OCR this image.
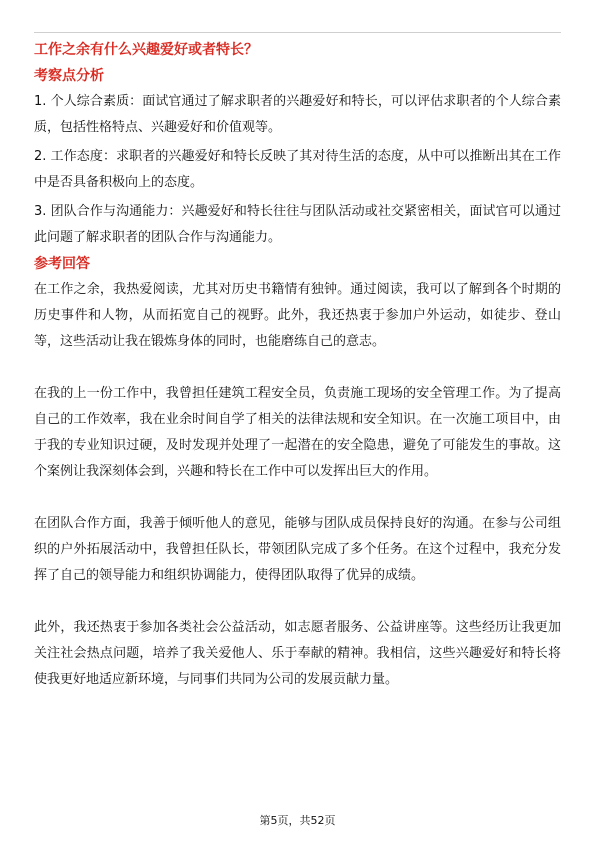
工作之余有什么兴趣爱好或者特长？
考察点分析

1. 个人综合素质：面试官通过了解求职者的兴趣爱好和特长，可以评估求职者的个人综合素质，包括性格特点、兴趣爱好和价值观等。

2. 工作态度：求职者的兴趣爱好和特长反映了其对待生活的态度，从中可以推断出其在工作中是否具备积极向上的态度。

3. 团队合作与沟通能力：兴趣爱好和特长往往与团队活动或社交紧密相关，面试官可以通过此问题了解求职者的团队合作与沟通能力。

参考回答

在工作之余，我热爱阅读，尤其对历史书籍情有独钟。通过阅读，我可以了解到各个时期的历史事件和人物，从而拓宽自己的视野。此外，我还热衷于参加户外运动，如徒步、登山等，这些活动让我在锻炼身体的同时，也能磨练自己的意志。

在我的上一份工作中，我曾担任建筑工程安全员，负责施工现场的安全管理工作。为了提高自己的工作效率，我在业余时间自学了相关的法律法规和安全知识。在一次施工项目中，由于我的专业知识过硬，及时发现并处理了一起潜在的安全隐患，避免了可能发生的事故。这个案例让我深刻体会到，兴趣和特长在工作中可以发挥出巨大的作用。

在团队合作方面，我善于倾听他人的意见，能够与团队成员保持良好的沟通。在参与公司组织的户外拓展活动中，我曾担任队长，带领团队完成了多个任务。在这个过程中，我充分发挥了自己的领导能力和组织协调能力，使得团队取得了优异的成绩。

此外，我还热衷于参加各类社会公益活动，如志愿者服务、公益讲座等。这些经历让我更加关注社会热点问题，培养了我关爱他人、乐于奉献的精神。我相信，这些兴趣爱好和特长将使我更好地适应新环境，与同事们共同为公司的发展贡献力量。

第5页，共52页
